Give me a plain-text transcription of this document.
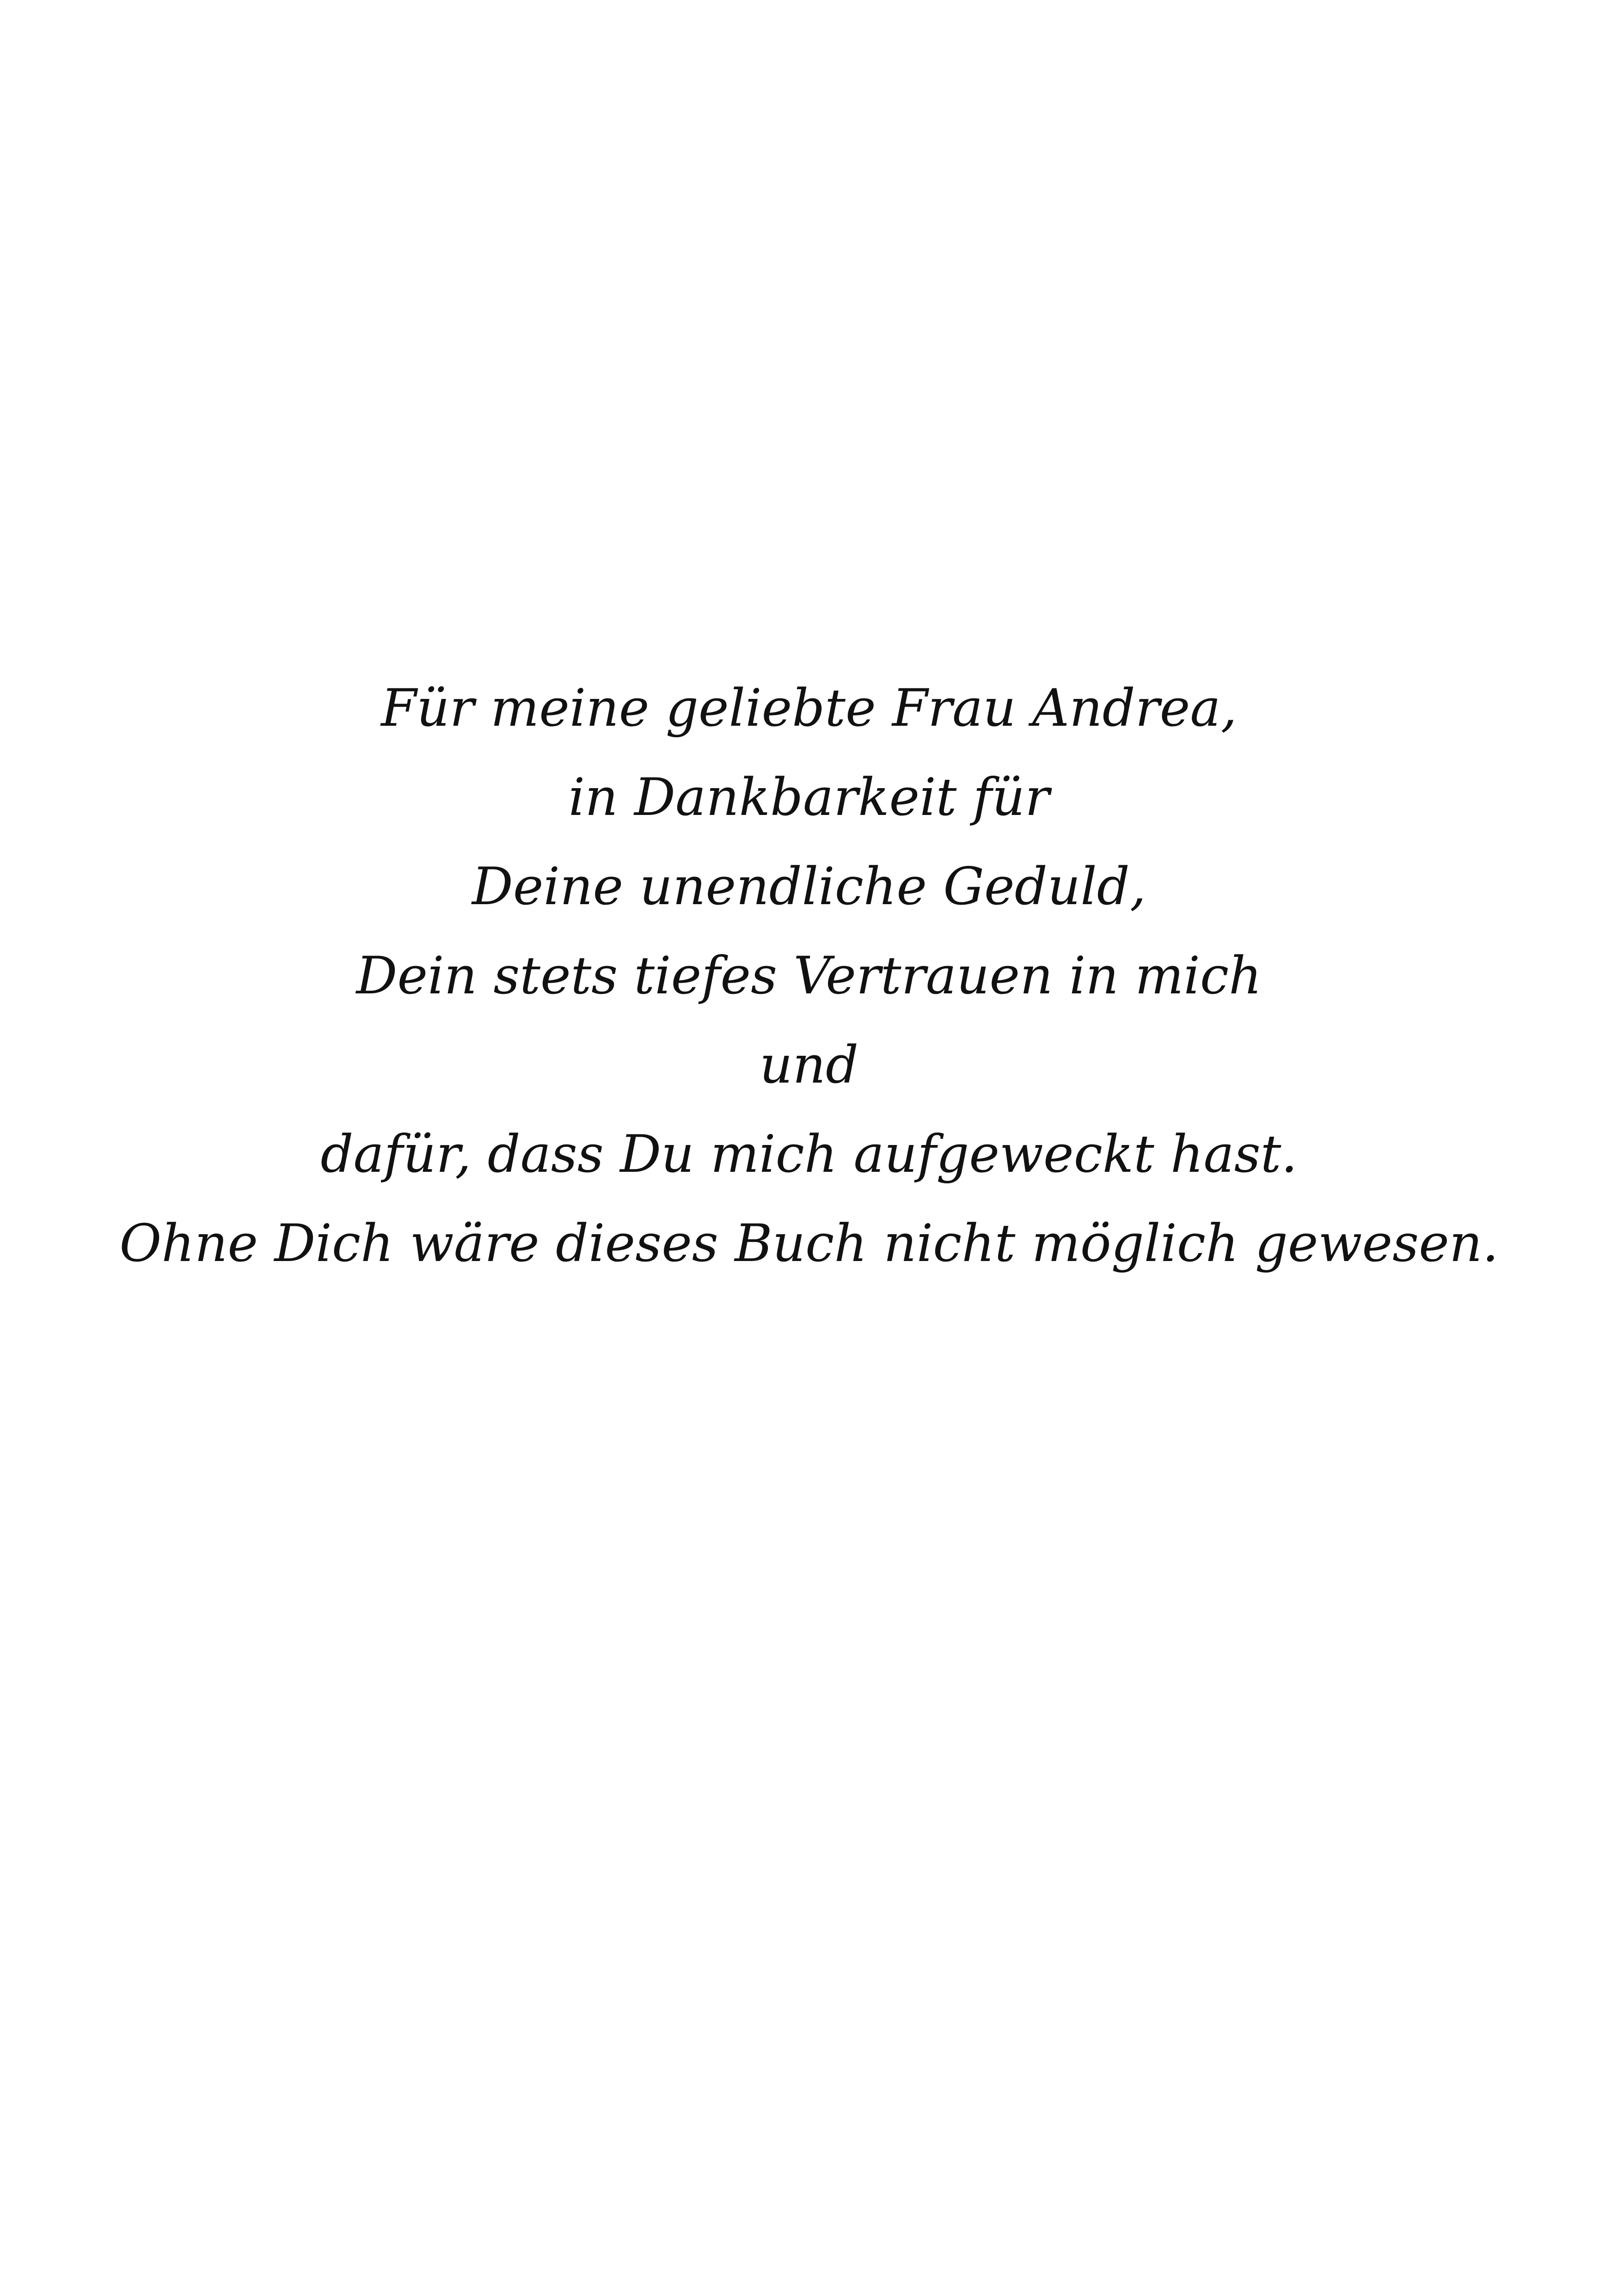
Für meine geliebte Frau Andrea,
in Dankbarkeit für
Deine unendliche Geduld,
Dein stets tiefes Vertrauen in mich
und
dafür, dass Du mich aufgeweckt hast.
Ohne Dich wäre dieses Buch nicht möglich gewesen.
